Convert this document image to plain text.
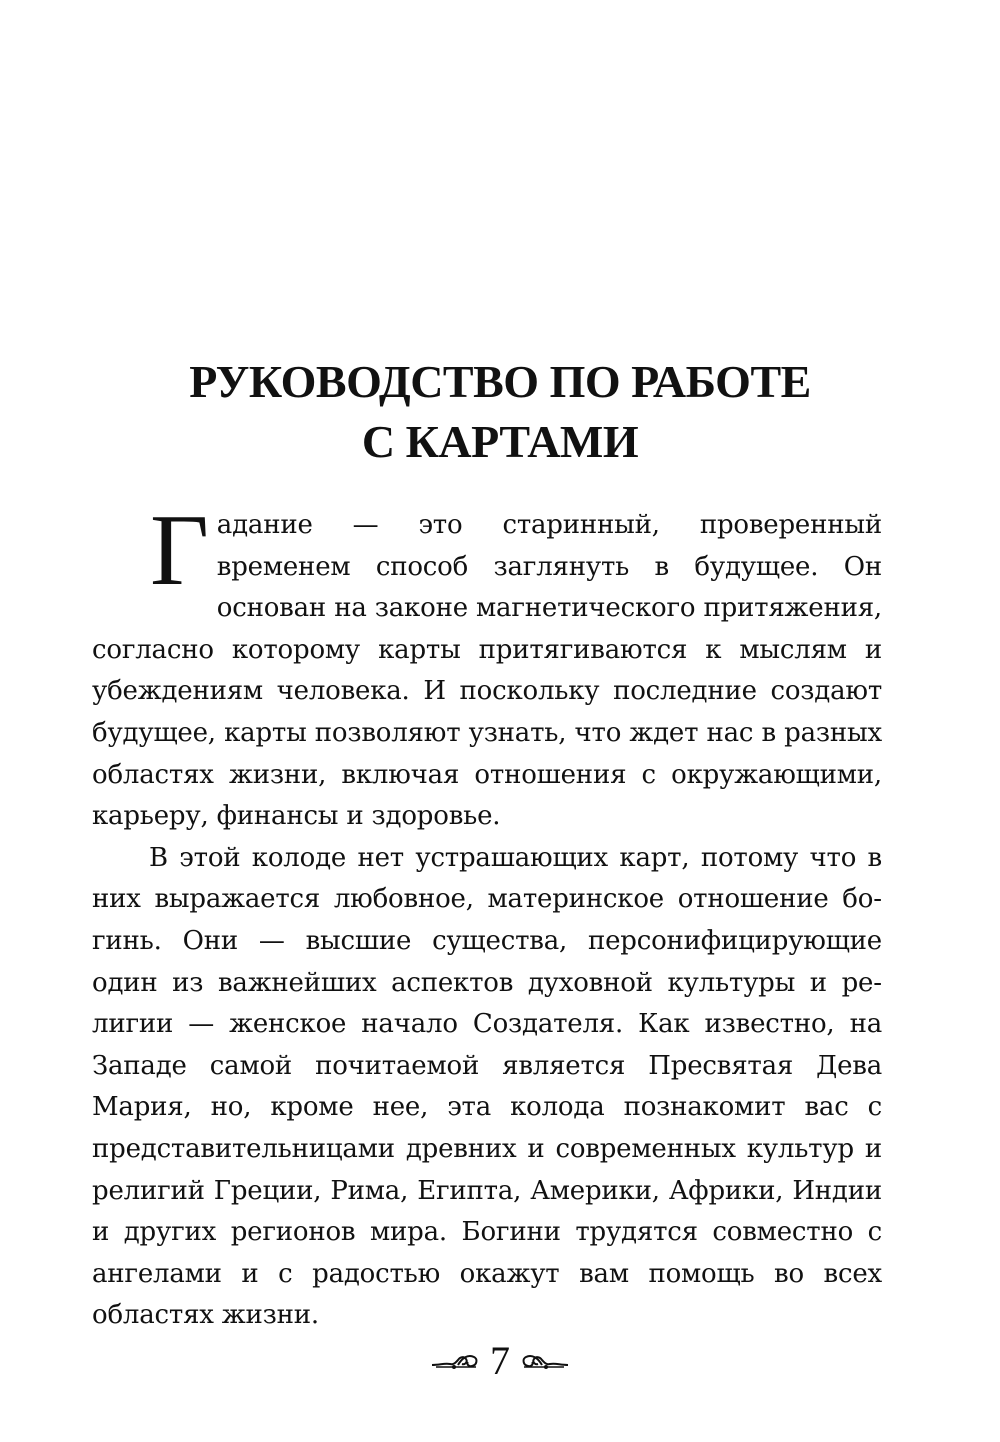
РУКОВОДСТВО ПО РАБОТЕ
С КАРТАМИ

Гадание — это старинный, проверенный временем способ заглянуть в будущее. Он основан на законе магнетического притяжения, согласно которому карты притягиваются к мыслям и убеждениям человека. И поскольку последние создают будущее, карты позволяют узнать, что ждет нас в разных областях жизни, включая отношения с окружающими, карьеру, финансы и здоровье.

В этой колоде нет устрашающих карт, потому что в них выражается любовное, материнское отношение богинь. Они — высшие существа, персонифицирующие один из важнейших аспектов духовной культуры и религии — женское начало Создателя. Как известно, на Западе самой почитаемой является Пресвятая Дева Мария, но, кроме нее, эта колода познакомит вас с представительницами древних и современных культур и религий Греции, Рима, Египта, Америки, Африки, Индии и других регионов мира. Богини трудятся совместно с ангелами и с радостью окажут вам помощь во всех областях жизни.

7
